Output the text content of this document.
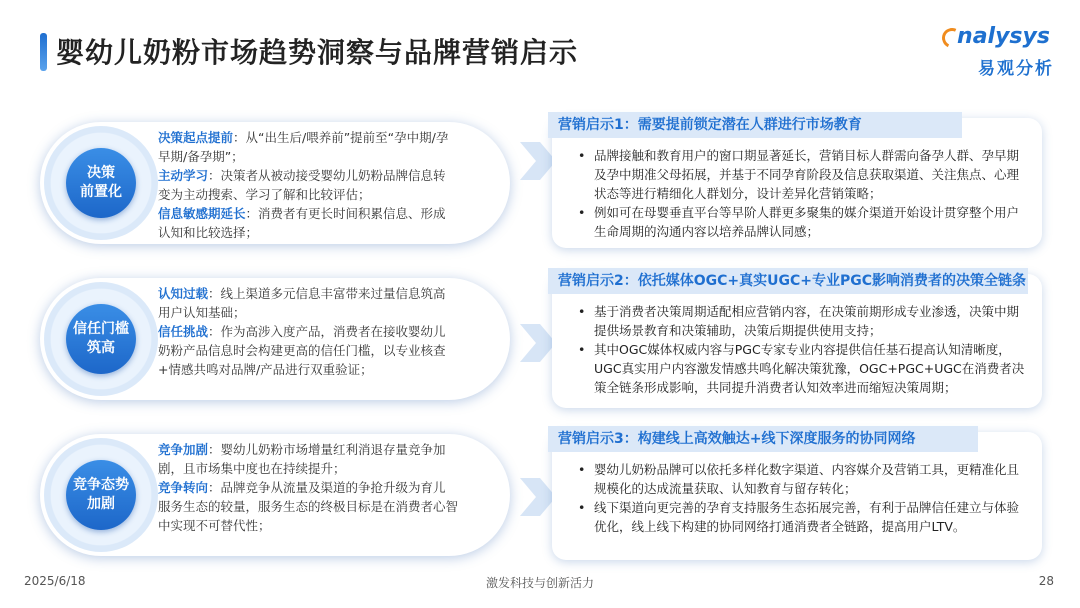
婴幼儿奶粉市场趋势洞察与品牌营销启示	nalysys
易观分析
决策
前置化
决策起点提前：从“出生后/喂养前”提前至“孕中期/孕早期/备孕期”；
主动学习：决策者从被动接受婴幼儿奶粉品牌信息转变为主动搜索、学习了解和比较评估；
信息敏感期延长：消费者有更长时间积累信息、形成认知和比较选择；
信任门槛
筑高
认知过载：线上渠道多元信息丰富带来过量信息筑高用户认知基础；
信任挑战：作为高涉入度产品，消费者在接收婴幼儿奶粉产品信息时会构建更高的信任门槛，以专业核查+情感共鸣对品牌/产品进行双重验证；
竞争态势
加剧
竞争加剧：婴幼儿奶粉市场增量红利消退存量竞争加剧，且市场集中度也在持续提升；
竞争转向：品牌竞争从流量及渠道的争抢升级为育儿服务生态的较量，服务生态的终极目标是在消费者心智中实现不可替代性；
营销启示1：需要提前锁定潜在人群进行市场教育
• 品牌接触和教育用户的窗口期显著延长，营销目标人群需向备孕人群、孕早期及孕中期准父母拓展，并基于不同孕育阶段及信息获取渠道、关注焦点、心理状态等进行精细化人群划分，设计差异化营销策略；
• 例如可在母婴垂直平台等早阶人群更多聚集的媒介渠道开始设计贯穿整个用户生命周期的沟通内容以培养品牌认同感；
营销启示2：依托媒体OGC+真实UGC+专业PGC影响消费者的决策全链条
• 基于消费者决策周期适配相应营销内容，在决策前期形成专业渗透，决策中期提供场景教育和决策辅助，决策后期提供使用支持；
• 其中OGC媒体权威内容与PGC专家专业内容提供信任基石提高认知清晰度，UGC真实用户内容激发情感共鸣化解决策犹豫，OGC+PGC+UGC在消费者决策全链条形成影响，共同提升消费者认知效率进而缩短决策周期；
营销启示3：构建线上高效触达+线下深度服务的协同网络
• 婴幼儿奶粉品牌可以依托多样化数字渠道、内容媒介及营销工具，更精准化且规模化的达成流量获取、认知教育与留存转化；
• 线下渠道向更完善的孕育支持服务生态拓展完善，有利于品牌信任建立与体验优化，线上线下构建的协同网络打通消费者全链路，提高用户LTV。
2025/6/18	激发科技与创新活力	28
